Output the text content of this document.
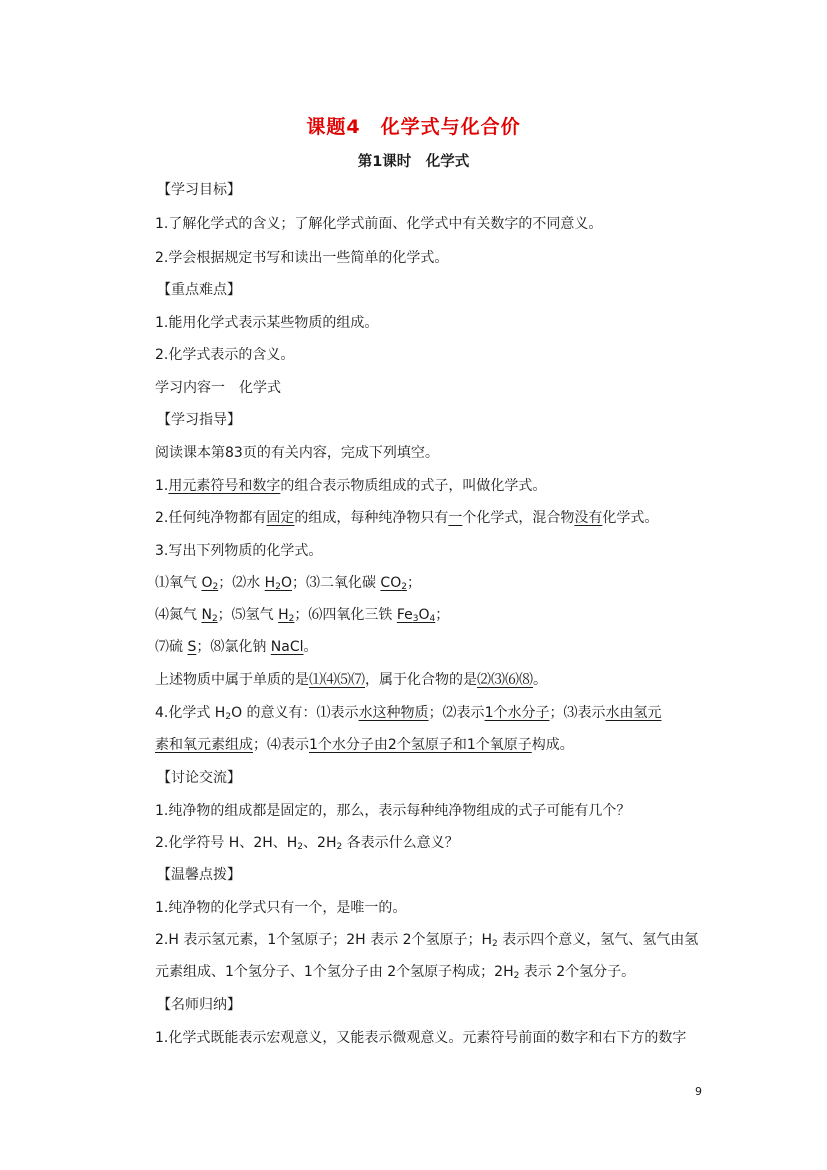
课题4　化学式与化合价
第1课时　化学式
【学习目标】
1.了解化学式的含义；了解化学式前面、化学式中有关数字的不同意义。
2.学会根据规定书写和读出一些简单的化学式。
【重点难点】
1.能用化学式表示某些物质的组成。
2.化学式表示的含义。
学习内容一　化学式
【学习指导】
阅读课本第83页的有关内容，完成下列填空。
1.用元素符号和数字的组合表示物质组成的式子，叫做化学式。
2.任何纯净物都有固定的组成，每种纯净物只有一个化学式，混合物没有化学式。
3.写出下列物质的化学式。
⑴氧气 $O_2$；⑵水 $H_2O$；⑶二氧化碳 $CO_2$；
⑷氮气 $N_2$；⑸氢气 $H_2$；⑹四氧化三铁 $Fe_3O_4$；
⑺硫 S；⑻氯化钠 NaCl。
上述物质中属于单质的是⑴⑷⑸⑺，属于化合物的是⑵⑶⑹⑻。
4.化学式 $H_2O$ 的意义有：⑴表示水这种物质；⑵表示1个水分子；⑶表示水由氢元
素和氧元素组成；⑷表示1个水分子由2个氢原子和1个氧原子构成。
【讨论交流】
1.纯净物的组成都是固定的，那么，表示每种纯净物组成的式子可能有几个？
2.化学符号 H、2H、$H_2$、$2H_2$ 各表示什么意义？
【温馨点拨】
1.纯净物的化学式只有一个，是唯一的。
2.H 表示氢元素，1个氢原子；2H 表示 2个氢原子；$H_2$ 表示四个意义，氢气、氢气由氢
元素组成、1个氢分子、1个氢分子由 2个氢原子构成；$2H_2$ 表示 2个氢分子。
【名师归纳】
1.化学式既能表示宏观意义，又能表示微观意义。元素符号前面的数字和右下方的数字
9
